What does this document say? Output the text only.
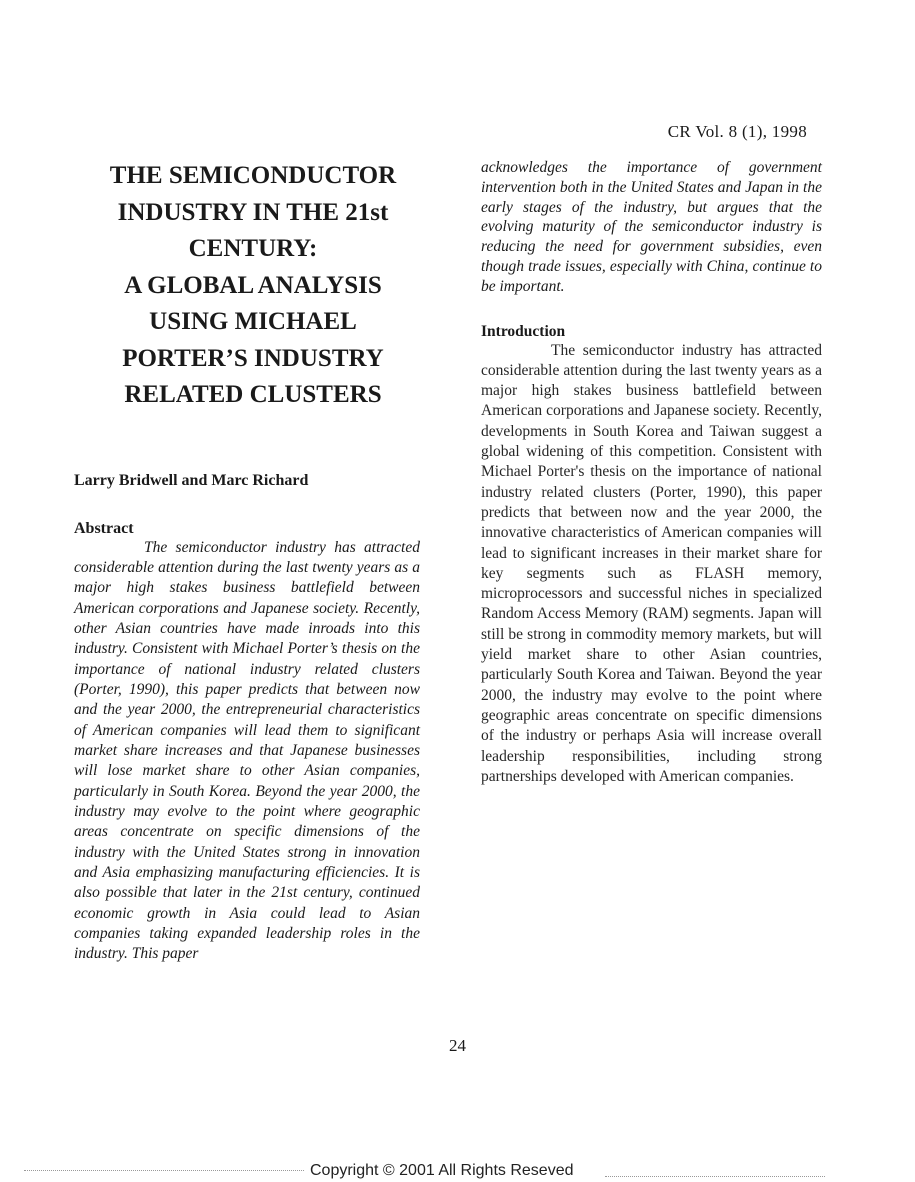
CR Vol. 8 (1), 1998
THE SEMICONDUCTOR
INDUSTRY IN THE 21st
CENTURY:
A GLOBAL ANALYSIS
USING MICHAEL
PORTER’S INDUSTRY
RELATED CLUSTERS
Larry Bridwell and Marc Richard
Abstract

The semiconductor industry has attracted considerable attention during the last twenty years as a major high stakes business battlefield between American corporations and Japanese society. Recently, other Asian countries have made inroads into this industry. Consistent with Michael Porter’s thesis on the importance of national industry related clusters (Porter, 1990), this paper predicts that between now and the year 2000, the entrepreneurial characteristics of American companies will lead them to significant market share increases and that Japanese businesses will lose market share to other Asian companies, particularly in South Korea. Beyond the year 2000, the industry may evolve to the point where geographic areas concentrate on specific dimensions of the industry with the United States strong in innovation and Asia emphasizing manufacturing efficiencies. It is also possible that later in the 21st century, continued economic growth in Asia could lead to Asian companies taking expanded leadership roles in the industry. This paper

acknowledges the importance of government intervention both in the United States and Japan in the early stages of the industry, but argues that the evolving maturity of the semiconductor industry is reducing the need for government subsidies, even though trade issues, especially with China, continue to be important.

Introduction

The semiconductor industry has attracted considerable attention during the last twenty years as a major high stakes business battlefield between American corporations and Japanese society. Recently, developments in South Korea and Taiwan suggest a global widening of this competition. Consistent with Michael Porter's thesis on the importance of national industry related clusters (Porter, 1990), this paper predicts that between now and the year 2000, the innovative characteristics of American companies will lead to significant increases in their market share for key segments such as FLASH memory, microprocessors and successful niches in specialized Random Access Memory (RAM) segments. Japan will still be strong in commodity memory markets, but will yield market share to other Asian countries, particularly South Korea and Taiwan. Beyond the year 2000, the industry may evolve to the point where geographic areas concentrate on specific dimensions of the industry or perhaps Asia will increase overall leadership responsibilities, including strong partnerships developed with American companies.

24
Copyright © 2001 All Rights Reseved
